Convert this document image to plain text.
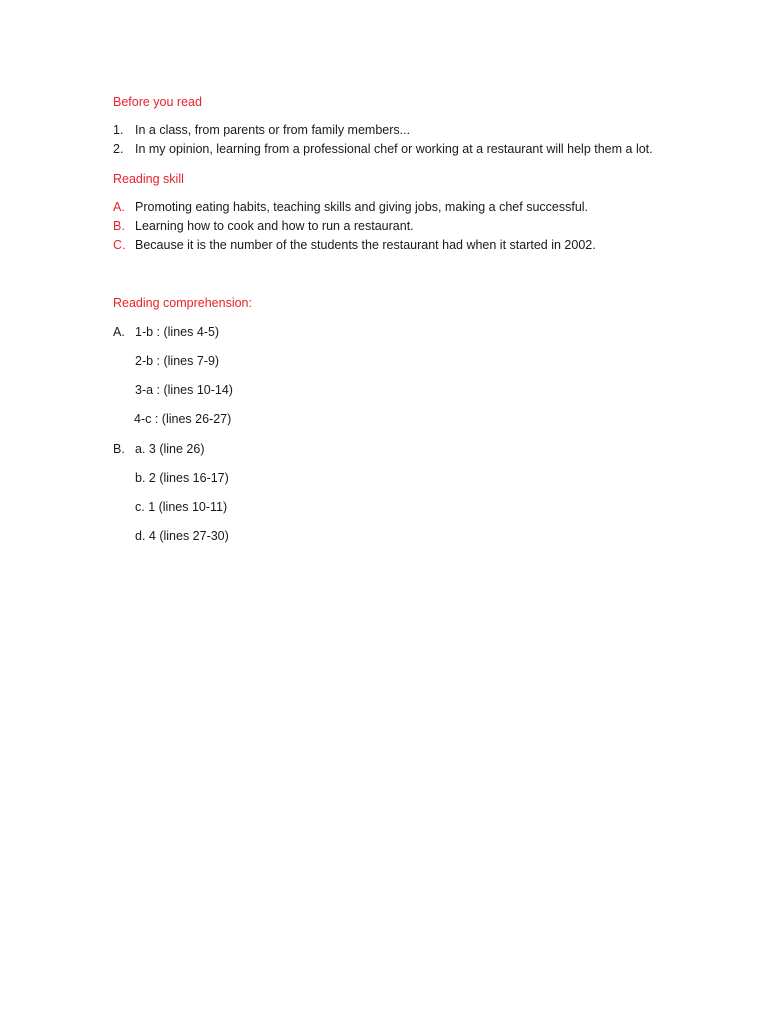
Before you read
1. In a class, from parents or from family members...
2. In my opinion, learning from a professional chef or working at a restaurant will help them a lot.
Reading skill
A. Promoting eating habits, teaching skills and giving jobs, making a chef successful.
B. Learning how to cook and how to run a restaurant.
C. Because it is the number of the students the restaurant had when it started in 2002.
Reading comprehension:
A. 1-b : (lines 4-5)
2-b : (lines 7-9)
3-a : (lines 10-14)
4-c : (lines 26-27)
B. a. 3 (line 26)
b. 2 (lines 16-17)
c. 1 (lines 10-11)
d. 4 (lines 27-30)
